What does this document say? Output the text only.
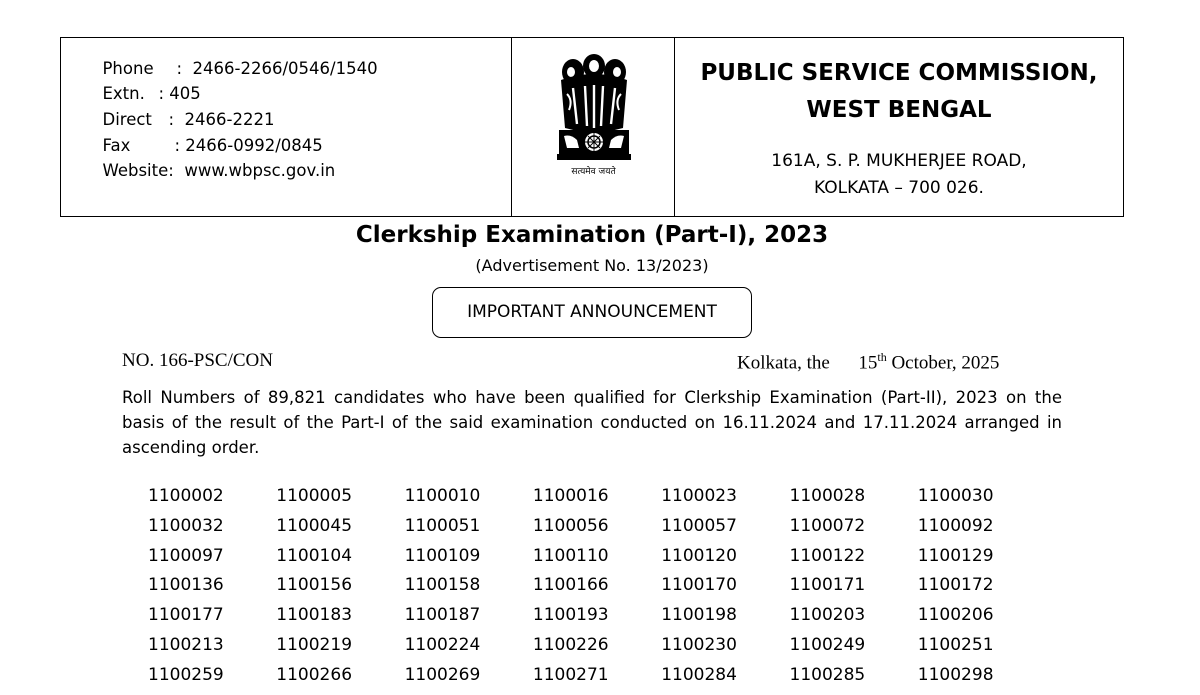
Phone : 2466-2266/0546/1540

Extn. : 405

Direct : 2466-2221

Fax	: 2466-0992/0845

Website: www.wbpsc.gov.in
	सत्यमेव जयते
PUBLIC SERVICE COMMISSION,
WEST BENGAL
161A, S. P. MUKHERJEE ROAD,
KOLKATA – 700 026.
Clerkship Examination (Part-I), 2023
(Advertisement No. 13/2023)
IMPORTANT ANNOUNCEMENT
NO. 166-PSC/CON	Kolkata, the 15th October, 2025
Roll Numbers of 89,821 candidates who have been qualified for Clerkship Examination (Part-II), 2023 on the basis of the result of the Part-I of the said examination conducted on 16.11.2024 and 17.11.2024 arranged in ascending order.
1100002	1100005	1100010	1100016	1100023	1100028	1100030
1100032	1100045	1100051	1100056	1100057	1100072	1100092
1100097	1100104	1100109	1100110	1100120	1100122	1100129
1100136	1100156	1100158	1100166	1100170	1100171	1100172
1100177	1100183	1100187	1100193	1100198	1100203	1100206
1100213	1100219	1100224	1100226	1100230	1100249	1100251
1100259	1100266	1100269	1100271	1100284	1100285	1100298
